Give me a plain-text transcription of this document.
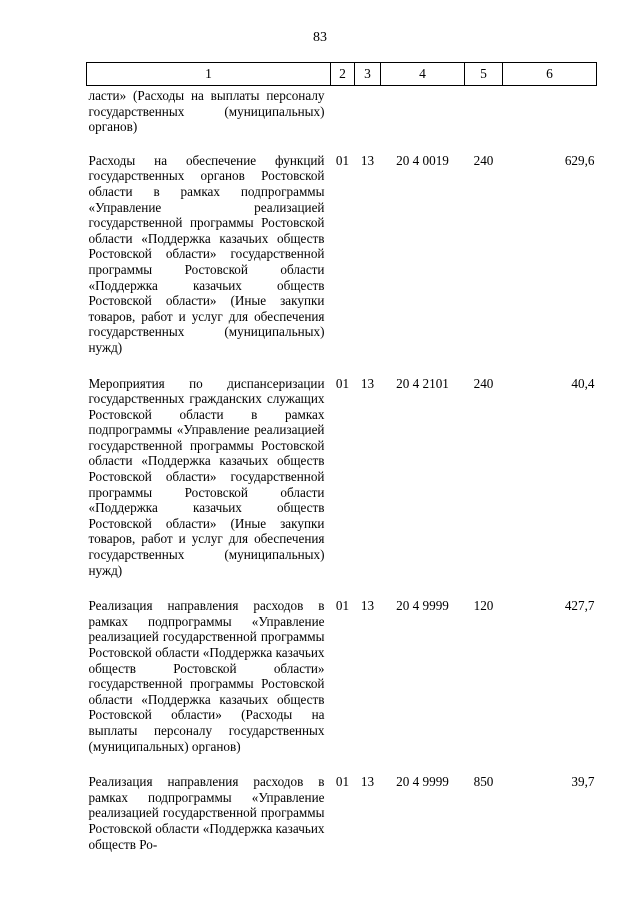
83
1	2	3	4	5	6
ласти» (Расходы на выплаты персоналу государственных (муниципальных) органов)					
Расходы на обеспечение функций государственных органов Ростовской области в рамках подпрограммы «Управление реализацией государственной программы Ростовской области «Поддержка казачьих обществ Ростовской области» государственной программы Ростовской области «Поддержка казачьих обществ Ростовской области» (Иные закупки товаров, работ и услуг для обеспечения государственных (муниципальных) нужд)	01	13	20 4 0019	240	629,6
Мероприятия по диспансеризации государственных гражданских служащих Ростовской области в рамках подпрограммы «Управление реализацией государственной программы Ростовской области «Поддержка казачьих обществ Ростовской области» государственной программы Ростовской области «Поддержка казачьих обществ Ростовской области» (Иные закупки товаров, работ и услуг для обеспечения государственных (муниципальных) нужд)	01	13	20 4 2101	240	40,4
Реализация направления расходов в рамках подпрограммы «Управление реализацией государственной программы Ростовской области «Поддержка казачьих обществ Ростовской области» государственной программы Ростовской области «Поддержка казачьих обществ Ростовской области» (Расходы на выплаты персоналу государственных (муниципальных) органов)	01	13	20 4 9999	120	427,7
Реализация направления расходов в рамках подпрограммы «Управление реализацией государственной программы Ростовской области «Поддержка казачьих обществ Ро-	01	13	20 4 9999	850	39,7
